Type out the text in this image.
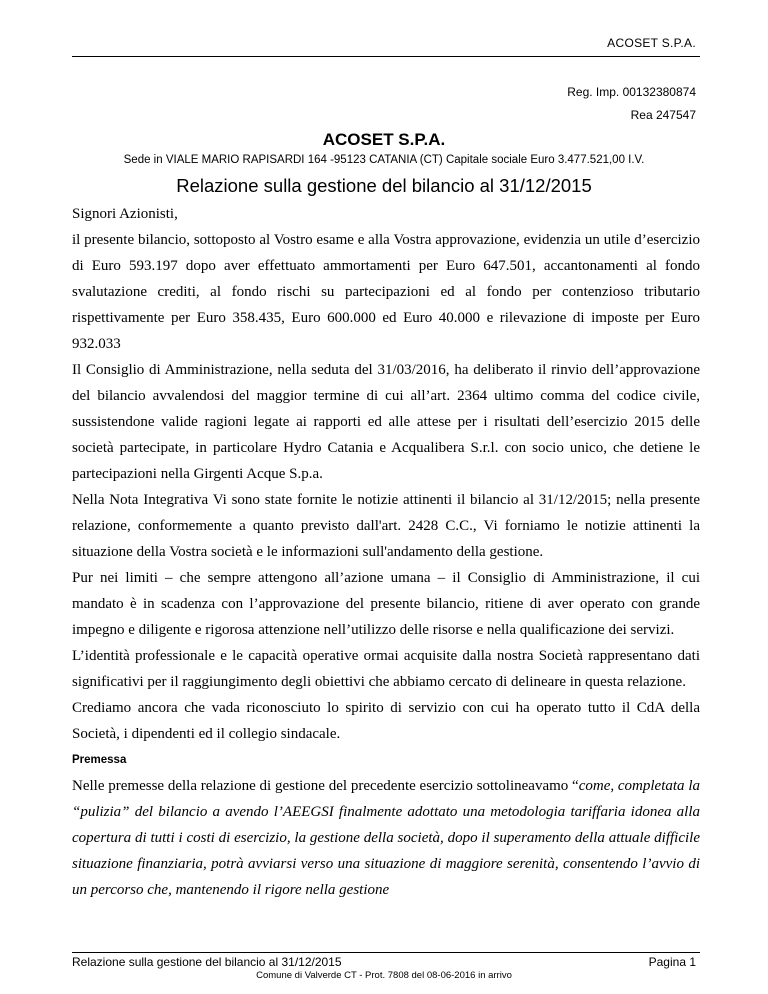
ACOSET S.P.A.
Reg. Imp. 00132380874
Rea 247547
ACOSET S.P.A.
Sede in VIALE MARIO RAPISARDI 164 -95123 CATANIA (CT) Capitale sociale Euro 3.477.521,00 I.V.
Relazione sulla gestione del bilancio al 31/12/2015

Signori Azionisti,

il presente bilancio, sottoposto al Vostro esame e alla Vostra approvazione, evidenzia un utile d’esercizio di Euro 593.197 dopo aver effettuato ammortamenti per Euro 647.501, accantonamenti al fondo svalutazione crediti, al fondo rischi su partecipazioni ed al fondo per contenzioso tributario rispettivamente per Euro 358.435, Euro 600.000 ed Euro 40.000 e rilevazione di imposte per Euro 932.033

Il Consiglio di Amministrazione, nella seduta del 31/03/2016, ha deliberato il rinvio dell’approvazione del bilancio avvalendosi del maggior termine di cui all’art. 2364 ultimo comma del codice civile, sussistendone valide ragioni legate ai rapporti ed alle attese per i risultati dell’esercizio 2015 delle società partecipate, in particolare Hydro Catania e Acqualibera S.r.l. con socio unico, che detiene le partecipazioni nella Girgenti Acque S.p.a.

Nella Nota Integrativa Vi sono state fornite le notizie attinenti il bilancio al 31/12/2015; nella presente relazione, conformemente a quanto previsto dall'art. 2428 C.C., Vi forniamo le notizie attinenti la situazione della Vostra società e le informazioni sull'andamento della gestione.

Pur nei limiti – che sempre attengono all’azione umana – il Consiglio di Amministrazione, il cui mandato è in scadenza con l’approvazione del presente bilancio, ritiene di aver operato con grande impegno e diligente e rigorosa attenzione nell’utilizzo delle risorse e nella qualificazione dei servizi.

L’identità professionale e le capacità operative ormai acquisite dalla nostra Società rappresentano dati significativi per il raggiungimento degli obiettivi che abbiamo cercato di delineare in questa relazione.

Crediamo ancora che vada riconosciuto lo spirito di servizio con cui ha operato tutto il CdA della Società, i dipendenti ed il collegio sindacale.

Premessa

Nelle premesse della relazione di gestione del precedente esercizio sottolineavamo “come, completata la “pulizia” del bilancio a avendo l’AEEGSI finalmente adottato una metodologia tariffaria idonea alla copertura di tutti i costi di esercizio, la gestione della società, dopo il superamento della attuale difficile situazione finanziaria, potrà avviarsi verso una situazione di maggiore serenità, consentendo l’avvio di un percorso che, mantenendo il rigore nella gestione

Relazione sulla gestione del bilancio al 31/12/2015	Pagina 1
Comune di Valverde CT - Prot. 7808 del 08-06-2016 in arrivo
